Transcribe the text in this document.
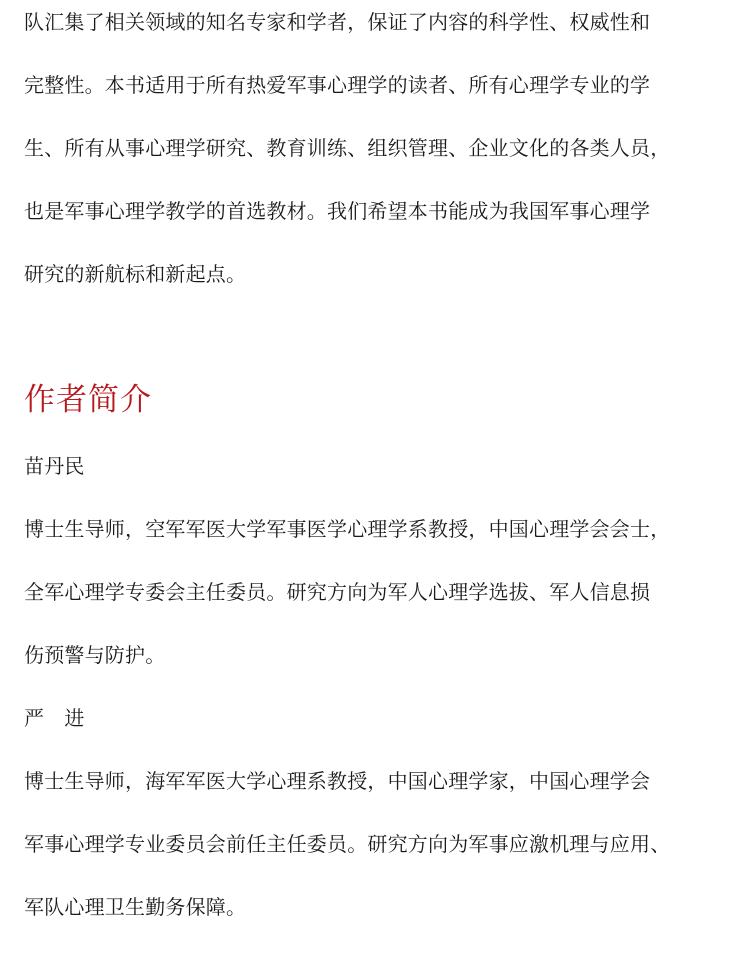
队汇集了相关领域的知名专家和学者，保证了内容的科学性、权威性和
完整性。本书适用于所有热爱军事心理学的读者、所有心理学专业的学
生、所有从事心理学研究、教育训练、组织管理、企业文化的各类人员，
也是军事心理学教学的首选教材。我们希望本书能成为我国军事心理学
研究的新航标和新起点。
作者简介
苗丹民
博士生导师，空军军医大学军事医学心理学系教授，中国心理学会会士，
全军心理学专委会主任委员。研究方向为军人心理学选拔、军人信息损
伤预警与防护。
严　进
博士生导师，海军军医大学心理系教授，中国心理学家，中国心理学会
军事心理学专业委员会前任主任委员。研究方向为军事应激机理与应用、
军队心理卫生勤务保障。
